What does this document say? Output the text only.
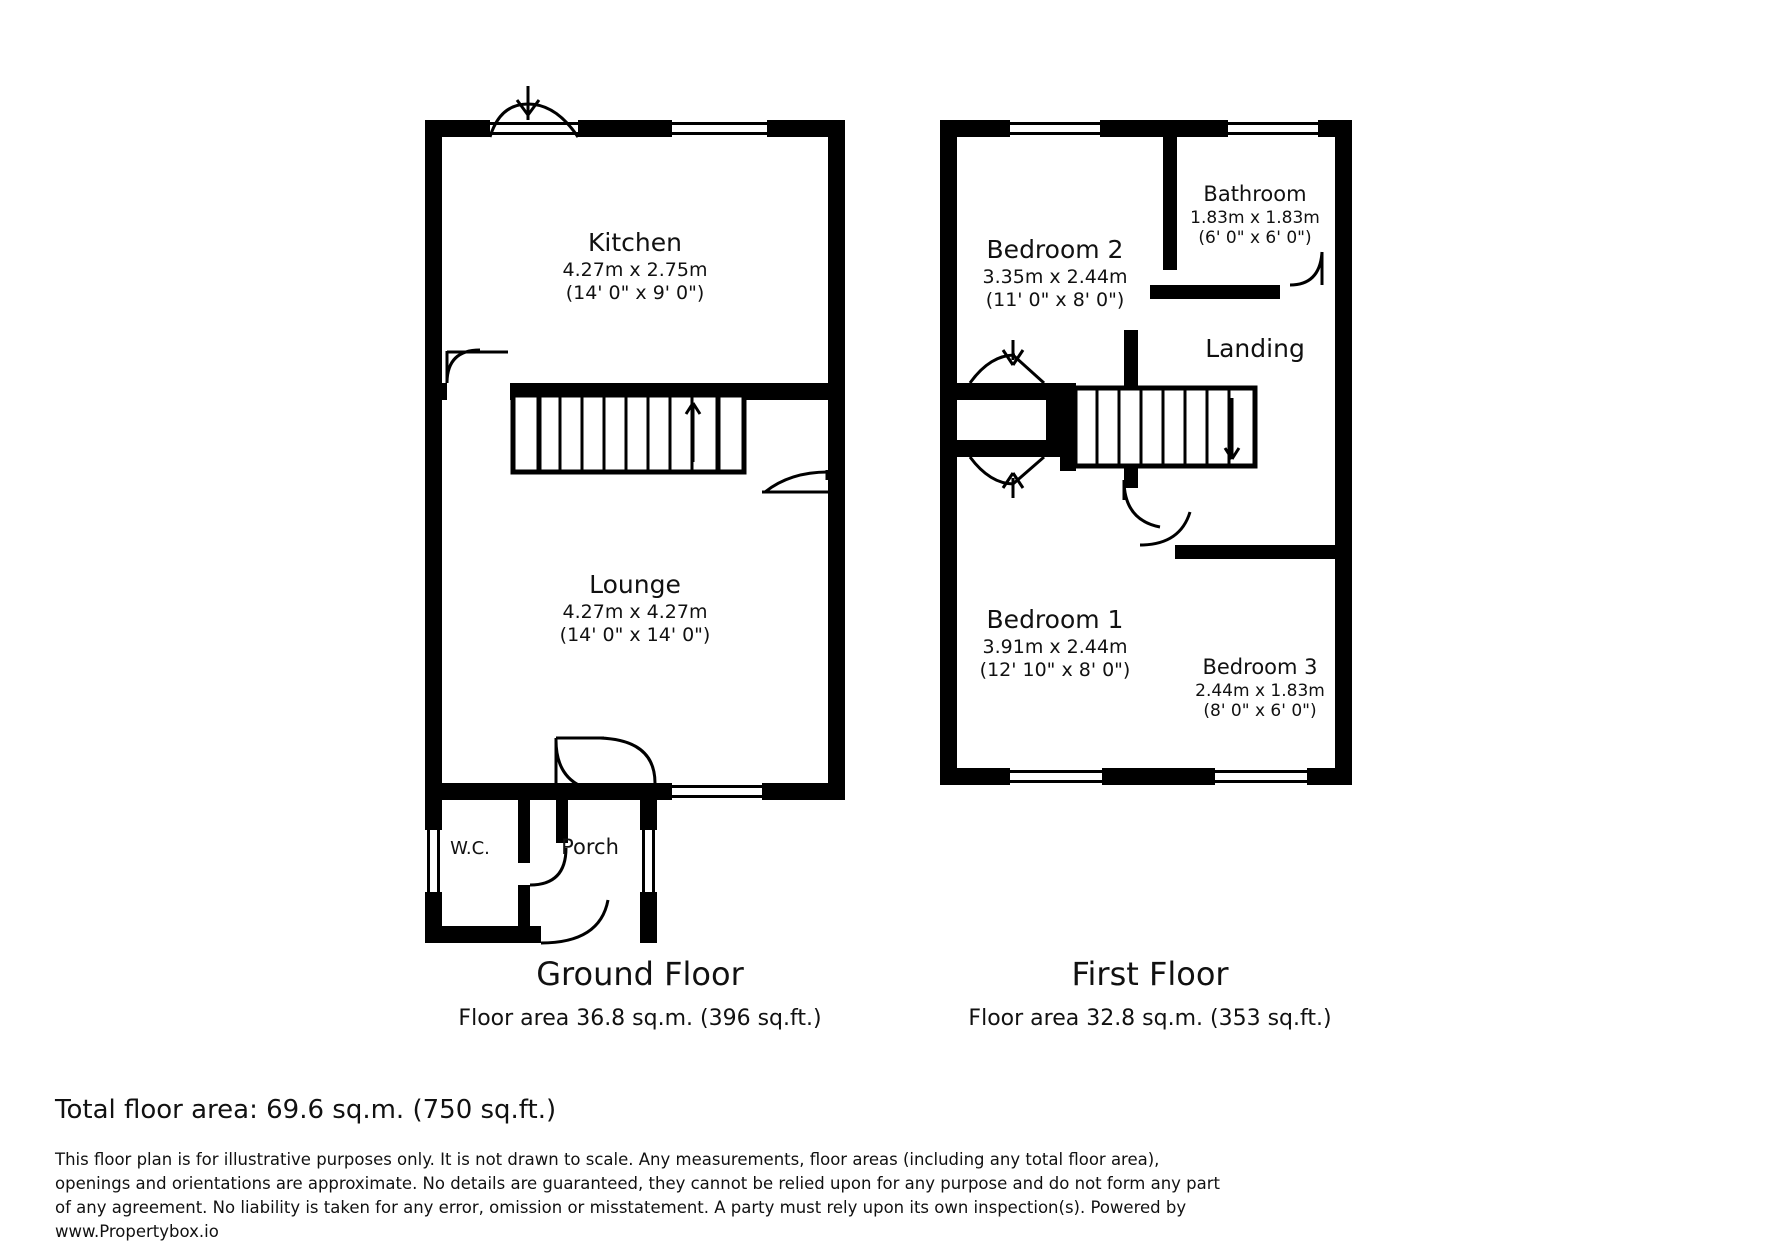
Kitchen
4.27m x 2.75m
(14' 0" x 9' 0")
Lounge
4.27m x 4.27m
(14' 0" x 14' 0")
W.C.	Porch
Bedroom 2
3.35m x 2.44m
(11' 0" x 8' 0")
Bathroom
1.83m x 1.83m
(6' 0" x 6' 0")
Landing
Bedroom 1
3.91m x 2.44m
(12' 10" x 8' 0")	Bedroom 3
2.44m x 1.83m
(8' 0" x 6' 0")
Ground Floor
Floor area 36.8 sq.m. (396 sq.ft.)
First Floor
Floor area 32.8 sq.m. (353 sq.ft.)
Total floor area: 69.6 sq.m. (750 sq.ft.)
This floor plan is for illustrative purposes only. It is not drawn to scale. Any measurements, floor areas (including any total floor area), openings and orientations are approximate. No details are guaranteed, they cannot be relied upon for any purpose and do not form any part of any agreement. No liability is taken for any error, omission or misstatement. A party must rely upon its own inspection(s). Powered by www.Propertybox.io
